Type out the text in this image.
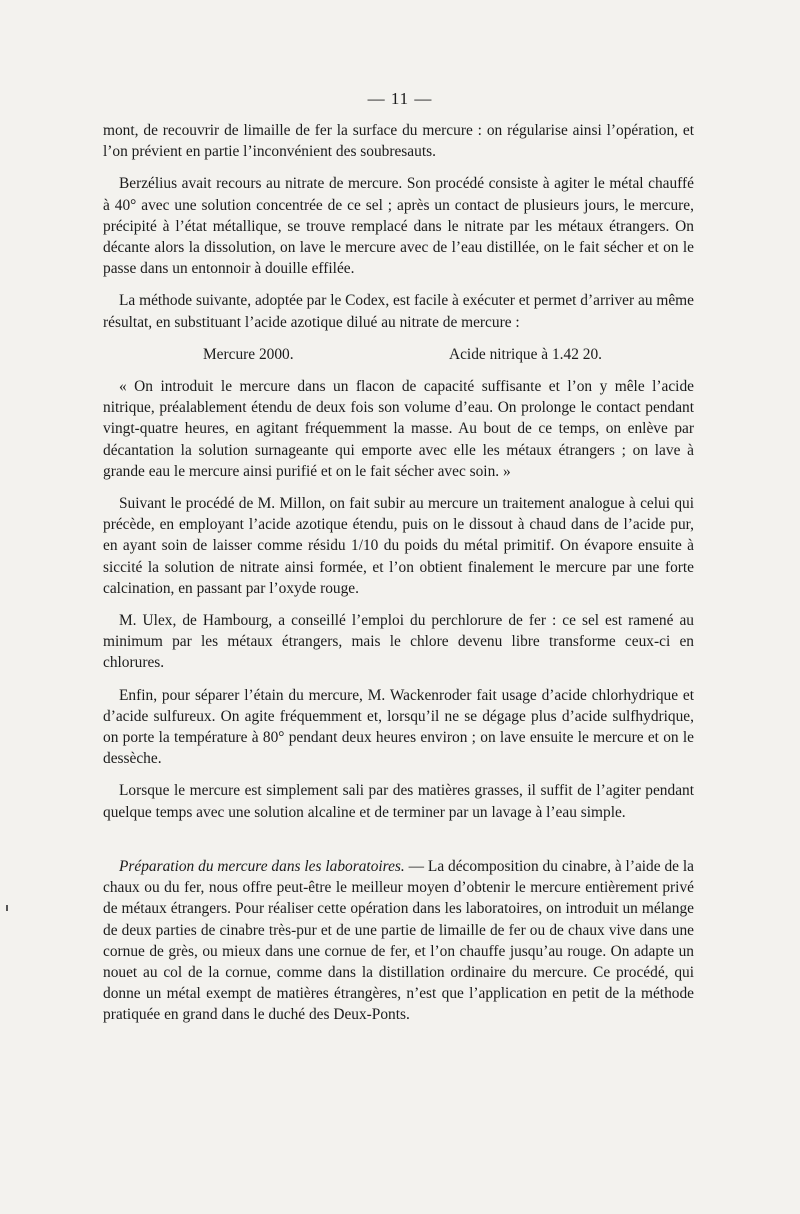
— 11 —

mont, de recouvrir de limaille de fer la surface du mercure : on régularise ainsi l’opération, et l’on prévient en partie l’inconvénient des soubresauts.

Berzélius avait recours au nitrate de mercure. Son procédé consiste à agiter le métal chauffé à 40° avec une solution concentrée de ce sel ; après un contact de plusieurs jours, le mercure, précipité à l’état métallique, se trouve remplacé dans le nitrate par les métaux étrangers. On décante alors la dissolution, on lave le mercure avec de l’eau distillée, on le fait sécher et on le passe dans un entonnoir à douille effilée.

La méthode suivante, adoptée par le Codex, est facile à exécuter et permet d’arriver au même résultat, en substituant l’acide azotique dilué au nitrate de mercure :

Mercure 2000.	Acide nitrique à 1.42 20.

« On introduit le mercure dans un flacon de capacité suffisante et l’on y mêle l’acide nitrique, préalablement étendu de deux fois son volume d’eau. On prolonge le contact pendant vingt-quatre heures, en agitant fréquemment la masse. Au bout de ce temps, on enlève par décantation la solution surnageante qui emporte avec elle les métaux étrangers ; on lave à grande eau le mercure ainsi purifié et on le fait sécher avec soin. »

Suivant le procédé de M. Millon, on fait subir au mercure un traitement analogue à celui qui précède, en employant l’acide azotique étendu, puis on le dissout à chaud dans de l’acide pur, en ayant soin de laisser comme résidu 1/10 du poids du métal primitif. On évapore ensuite à siccité la solution de nitrate ainsi formée, et l’on obtient finalement le mercure par une forte calcination, en passant par l’oxyde rouge.

M. Ulex, de Hambourg, a conseillé l’emploi du perchlorure de fer : ce sel est ramené au minimum par les métaux étrangers, mais le chlore devenu libre transforme ceux-ci en chlorures.

Enfin, pour séparer l’étain du mercure, M. Wackenroder fait usage d’acide chlorhydrique et d’acide sulfureux. On agite fréquemment et, lorsqu’il ne se dégage plus d’acide sulfhydrique, on porte la température à 80° pendant deux heures environ ; on lave ensuite le mercure et on le dessèche.

Lorsque le mercure est simplement sali par des matières grasses, il suffit de l’agiter pendant quelque temps avec une solution alcaline et de terminer par un lavage à l’eau simple.

Préparation du mercure dans les laboratoires. — La décomposition du cinabre, à l’aide de la chaux ou du fer, nous offre peut-être le meilleur moyen d’obtenir le mercure entièrement privé de métaux étrangers. Pour réaliser cette opération dans les laboratoires, on introduit un mélange de deux parties de cinabre très-pur et de une partie de limaille de fer ou de chaux vive dans une cornue de grès, ou mieux dans une cornue de fer, et l’on chauffe jusqu’au rouge. On adapte un nouet au col de la cornue, comme dans la distillation ordinaire du mercure. Ce procédé, qui donne un métal exempt de matières étrangères, n’est que l’application en petit de la méthode pratiquée en grand dans le duché des Deux-Ponts.
